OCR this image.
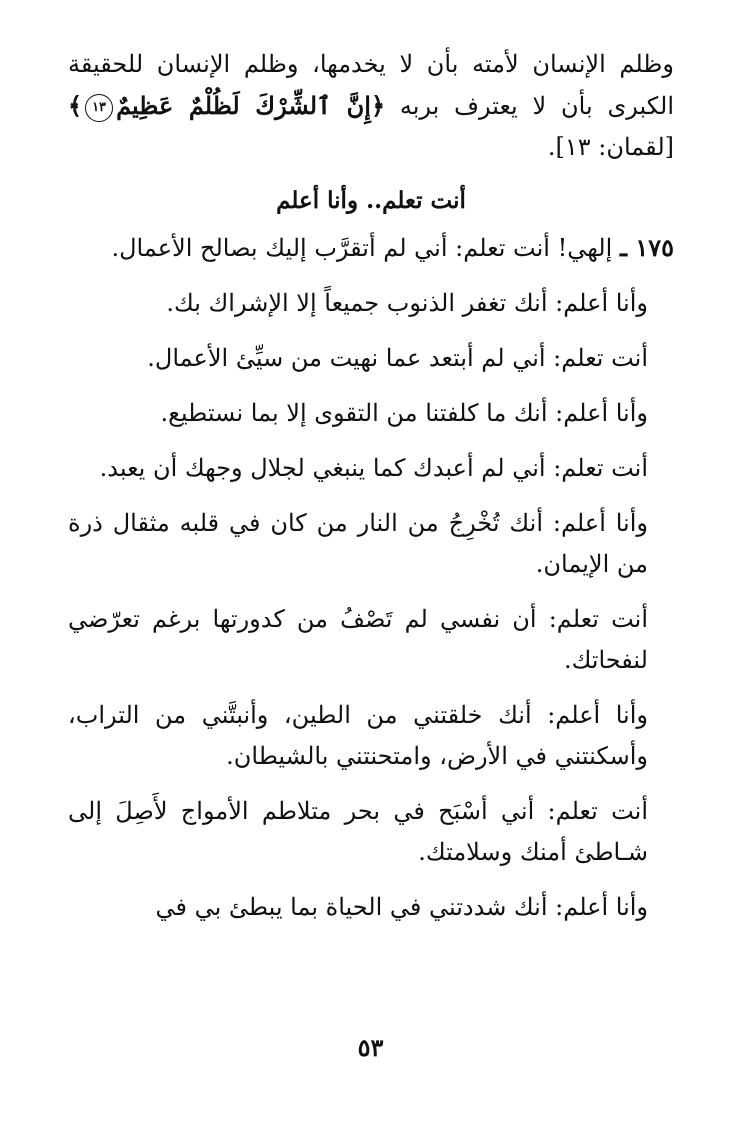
وظلم الإنسان لأمته بأن لا يخدمها، وظلم الإنسان للحقيقة الكبرى بأن لا يعترف بربه ﴿إِنَّ ٱلشِّرْكَ لَظُلْمٌ عَظِيمٌ١٣﴾ [لقمان: ١٣].

أنت تعلم.. وأنا أعلم

١٧٥ ـ إلهي! أنت تعلم: أني لم أتقرَّب إليك بصالح الأعمال.

وأنا أعلم: أنك تغفر الذنوب جميعاً إلا الإشراك بك.

أنت تعلم: أني لم أبتعد عما نهيت من سيِّئ الأعمال.

وأنا أعلم: أنك ما كلفتنا من التقوى إلا بما نستطيع.

أنت تعلم: أني لم أعبدك كما ينبغي لجلال وجهك أن يعبد.

وأنا أعلم: أنك تُخْرِجُ من النار من كان في قلبه مثقال ذرة من الإيمان.

أنت تعلم: أن نفسي لم تَصْفُ من كدورتها برغم تعرّضي لنفحاتك.

وأنا أعلم: أنك خلقتني من الطين، وأنبتَّني من التراب، وأسكنتني في الأرض، وامتحنتني بالشيطان.

أنت تعلم: أني أسْبَح في بحر متلاطم الأمواج لأَصِلَ إلى شـاطئ أمنك وسلامتك.

وأنا أعلم: أنك شددتني في الحياة بما يبطئ بي في

٥٣
